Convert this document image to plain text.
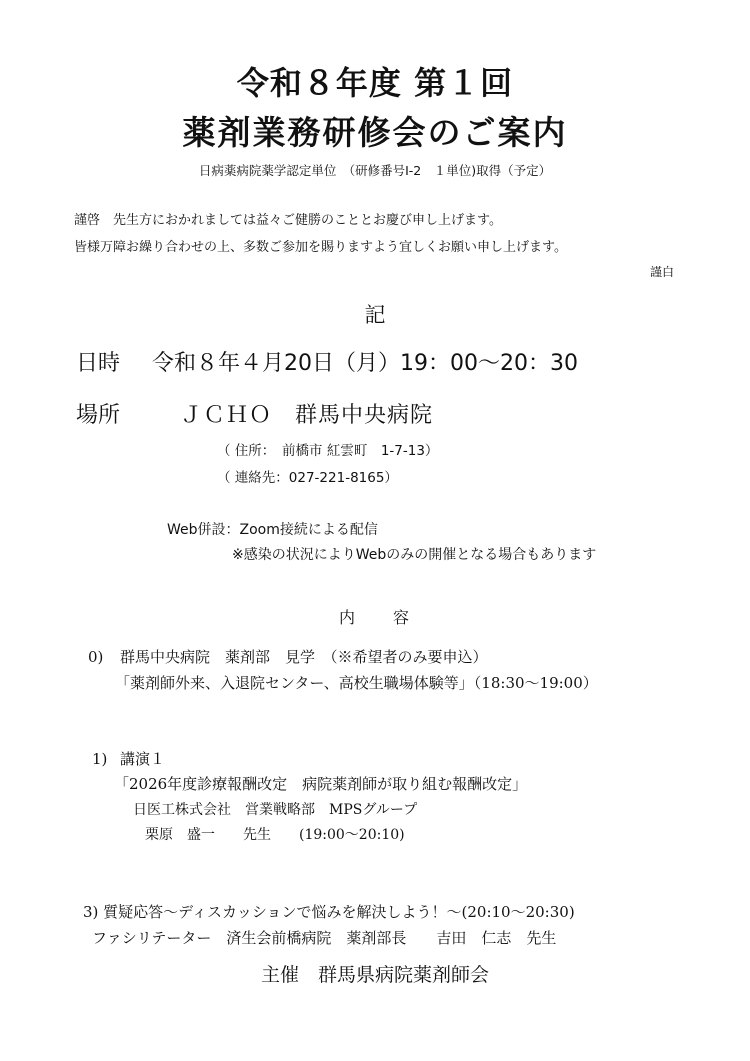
令和８年度 第１回
薬剤業務研修会のご案内
日病薬病院薬学認定単位　（研修番号Ⅰ-2　１単位)取得（予定）
謹啓　先生方におかれましては益々ご健勝のこととお慶び申し上げます。
皆様万障お繰り合わせの上、多数ご参加を賜りますよう宜しくお願い申し上げます。
謹白
記
日時 令和８年４月20日（月）19：00～20：30
場所	ＪＣＨＯ　群馬中央病院
（ 住所：　前橋市 紅雲町　1-7-13）
（ 連絡先：027-221-8165）
Web併設：Zoom接続による配信
※感染の状況によりWebのみの開催となる場合もあります
内　　容
0) 群馬中央病院　薬剤部　見学　（※希望者のみ要申込）
「薬剤師外来、入退院センター、高校生職場体験等」（18:30～19:00）
1) 講演１
「2026年度診療報酬改定　病院薬剤師が取り組む報酬改定」
日医工株式会社　営業戦略部　MPSグループ
栗原　盛一　　先生　　(19:00～20:10)
3) 質疑応答～ディスカッションで悩みを解決しよう！～(20:10～20:30)
ファシリテーター　済生会前橋病院　薬剤部長　　吉田　仁志　先生
主催　群馬県病院薬剤師会
